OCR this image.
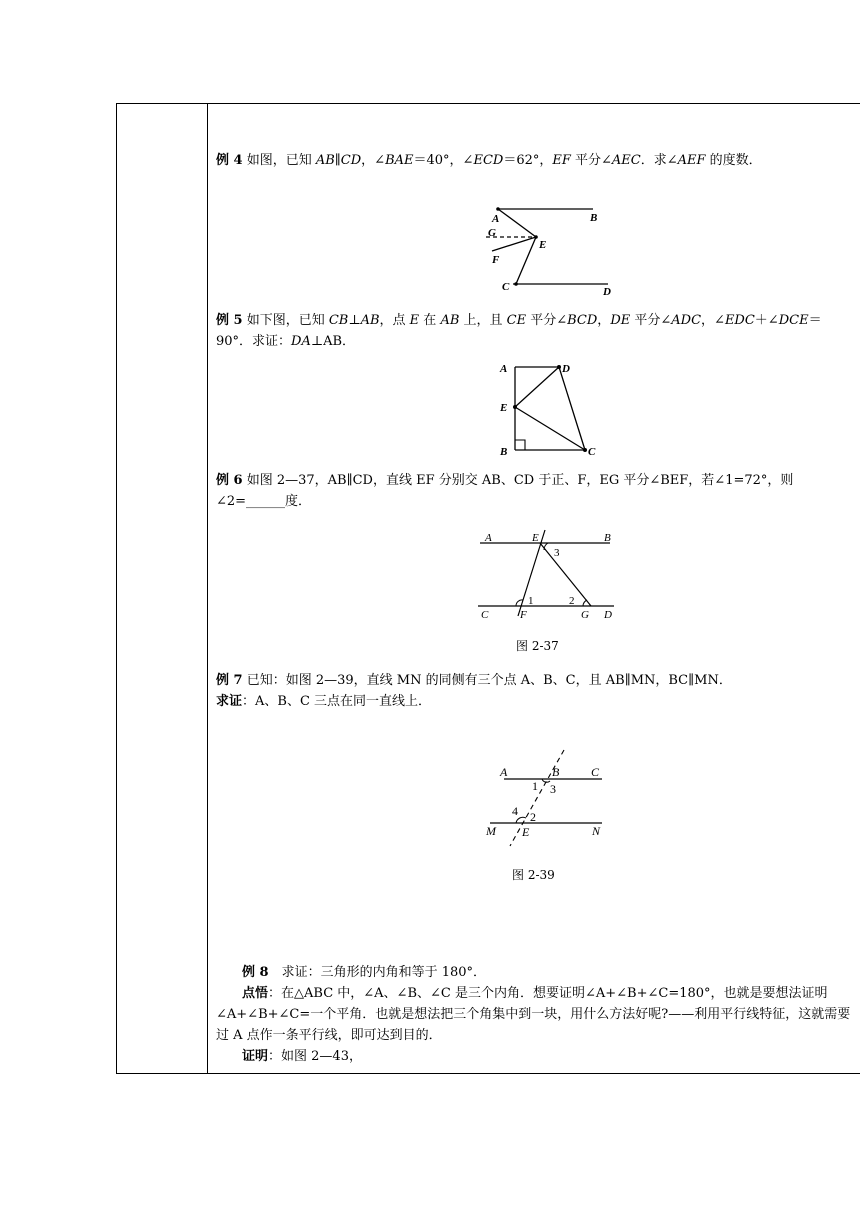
例 4 如图，已知 AB∥CD，∠BAE＝40°，∠ECD＝62°，EF 平分∠AEC．求∠AEF 的度数．
A	B
G
E
F
C	D
例 5 如下图，已知 CB⊥AB，点 E 在 AB 上，且 CE 平分∠BCD，DE 平分∠ADC，∠EDC＋∠DCE＝90°．求证：DA⊥AB．
A	D
E
B	C
例 6 如图 2—37，AB∥CD，直线 EF 分别交 AB、CD 于正、F，EG 平分∠BEF，若∠1=72°，则∠2=______度．
A	E	B
3
1	2
C	F	G D
图 2-37
例 7 已知：如图 2—39，直线 MN 的同侧有三个点 A、B、C，且 AB∥MN，BC∥MN．
求证：A、B、C 三点在同一直线上．
A	B	C
1 3
4 2
M E	N
图 2-39
例 8　求证：三角形的内角和等于 180°．
点悟：在△ABC 中，∠A、∠B、∠C 是三个内角．想要证明∠A+∠B+∠C=180°，也就是要想法证明∠A+∠B+∠C=一个平角．也就是想法把三个角集中到一块，用什么方法好呢?——利用平行线特征，这就需要过 A 点作一条平行线，即可达到目的．
证明：如图 2—43，
